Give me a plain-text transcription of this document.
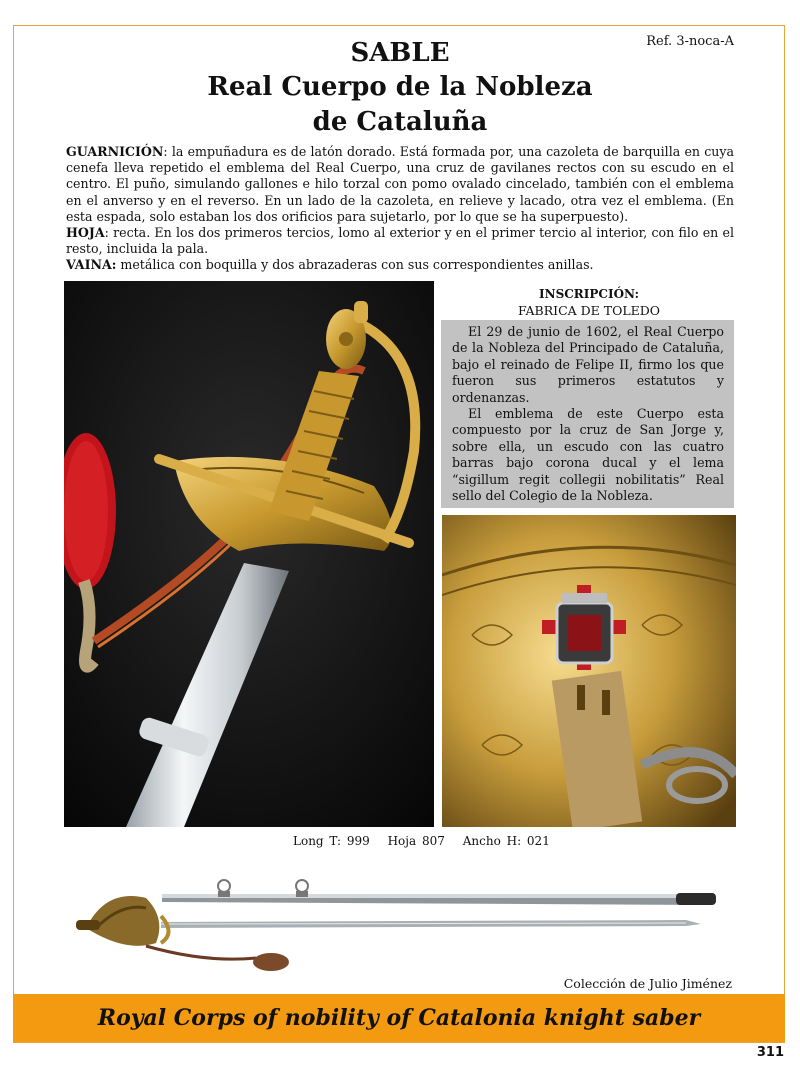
Ref. 3-noca-A
SABLE
Real Cuerpo de la Nobleza
de Cataluña

GUARNICIÓN: la empuñadura es de latón dorado. Está formada por, una cazoleta de barquilla en cuya cenefa lleva repetido el emblema del Real Cuerpo, una cruz de gavilanes rectos con su escudo en el centro. El puño, simulando gallones e hilo torzal con pomo ovalado cincelado, también con el emblema en el anverso y en el reverso. En un lado de la cazoleta, en relieve y lacado, otra vez el emblema. (En esta espada, solo estaban los dos orificios para sujetarlo, por lo que se ha superpuesto).

HOJA: recta. En los dos primeros tercios, lomo al exterior y en el primer tercio al interior, con filo en el resto, incluida la pala.

VAINA: metálica con boquilla y dos abrazaderas con sus correspondientes anillas.

INSCRIPCIÓN:
FABRICA DE TOLEDO

El 29 de junio de 1602, el Real Cuerpo de la Nobleza del Principado de Cataluña, bajo el reinado de Felipe II, firmo los que fueron sus primeros estatutos y ordenanzas.

El emblema de este Cuerpo esta compuesto por la cruz de San Jorge y, sobre ella, un escudo con las cuatro barras bajo corona ducal y el lema “sigillum regit collegii nobilitatis” Real sello del Colegio de la Nobleza.

Long T: 999 Hoja 807 Ancho H: 021
Colección de Julio Jiménez
Royal Corps of nobility of Catalonia knight saber
311
